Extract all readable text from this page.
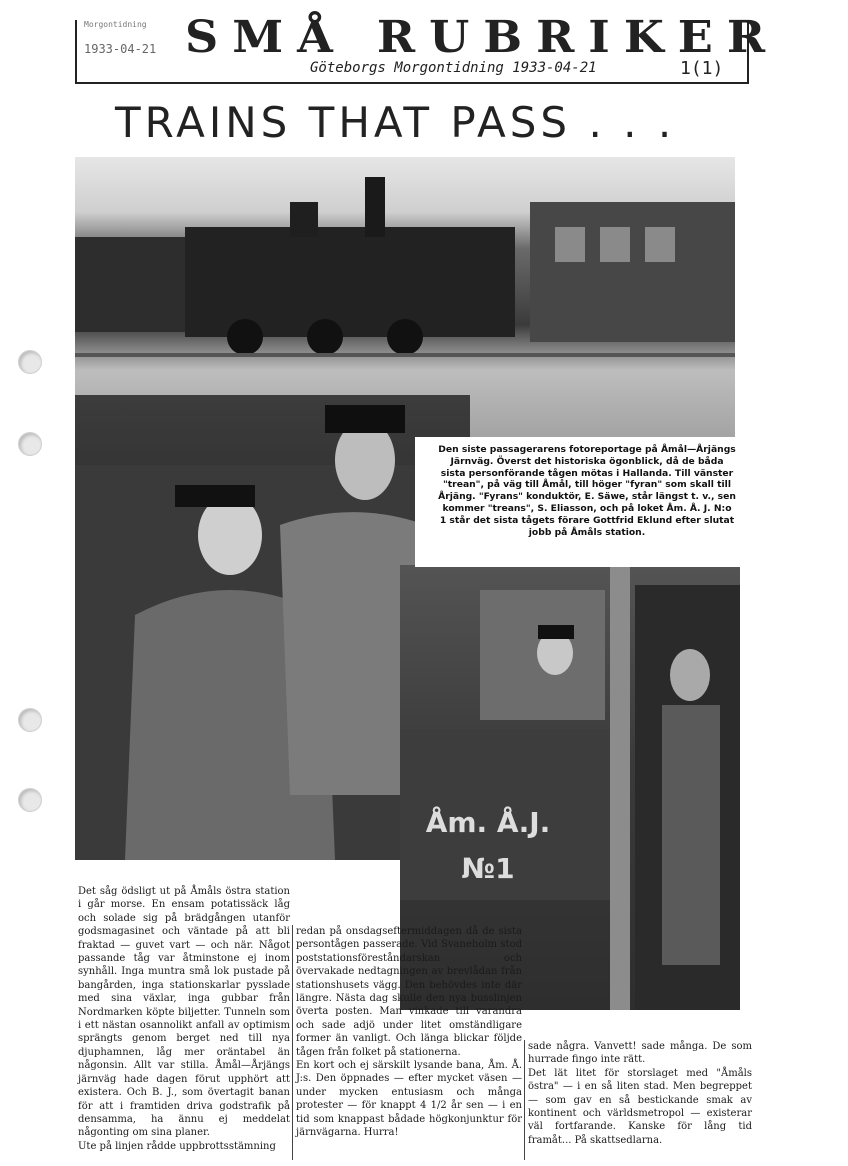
SMÅ RUBRIKER
Morgontidning
1933-04-21
Göteborgs Morgontidning 1933-04-21	1(1)
TRAINS THAT PASS . . .
Åm. Å.J.
№1
Den siste passagerarens fotoreportage på Åmål—Årjängs Järnväg. Överst det historiska ögonblick, då de båda sista personförande tågen mötas i Hallanda. Till vänster "trean", på väg till Åmål, till höger "fyran" som skall till Årjäng. "Fyrans" konduktör, E. Säwe, står längst t. v., sen kommer "treans", S. Eliasson, och på loket Åm. Å. J. N:o 1 står det sista tågets förare Gottfrid Eklund efter slutat jobb på Åmåls station.
Det såg ödsligt ut på Åmåls östra station i går morse. En ensam potatissäck låg och solade sig på brädgången utanför godsmagasinet och väntade på att bli fraktad — guvet vart — och när. Något passande tåg var åtminstone ej inom synhåll. Inga muntra små lok pustade på bangården, inga stationskarlar pysslade med sina växlar, inga gubbar från Nordmarken köpte biljetter. Tunneln som i ett nästan osannolikt anfall av optimism sprängts genom berget ned till nya djuphamnen, låg mer oräntabel än någonsin. Allt var stilla. Åmål—Årjängs järnväg hade dagen förut upphört att existera. Och B. J., som övertagit banan för att i framtiden driva godstrafik på densamma, ha ännu ej meddelat någonting om sina planer.
Ute på linjen rådde uppbrottsstämning
redan på onsdagseftermiddagen då de sista persontågen passerade. Vid Svaneholm stod poststationsföreståndarskan och övervakade nedtagningen av brevlådan från stationshusets vägg. Den behövdes inte där längre. Nästa dag skulle den nya busslinjen överta posten. Man vinkade till varandra och sade adjö under litet omständligare former än vanligt. Och länga blickar följde tågen från folket på stationerna.
En kort och ej särskilt lysande bana, Åm. Å. J:s. Den öppnades — efter mycket väsen — under mycken entusiasm och många protester — för knappt 4 1/2 år sen — i en tid som knappast bådade högkonjunktur för järnvägarna. Hurra!
sade några. Vanvett! sade många. De som hurrade fingo inte rätt.
Det lät litet för storslaget med "Åmåls östra" — i en så liten stad. Men begreppet — som gav en så bestickande smak av kontinent och världsmetropol — existerar väl fortfarande. Kanske för lång tid framåt... På skattsedlarna.
